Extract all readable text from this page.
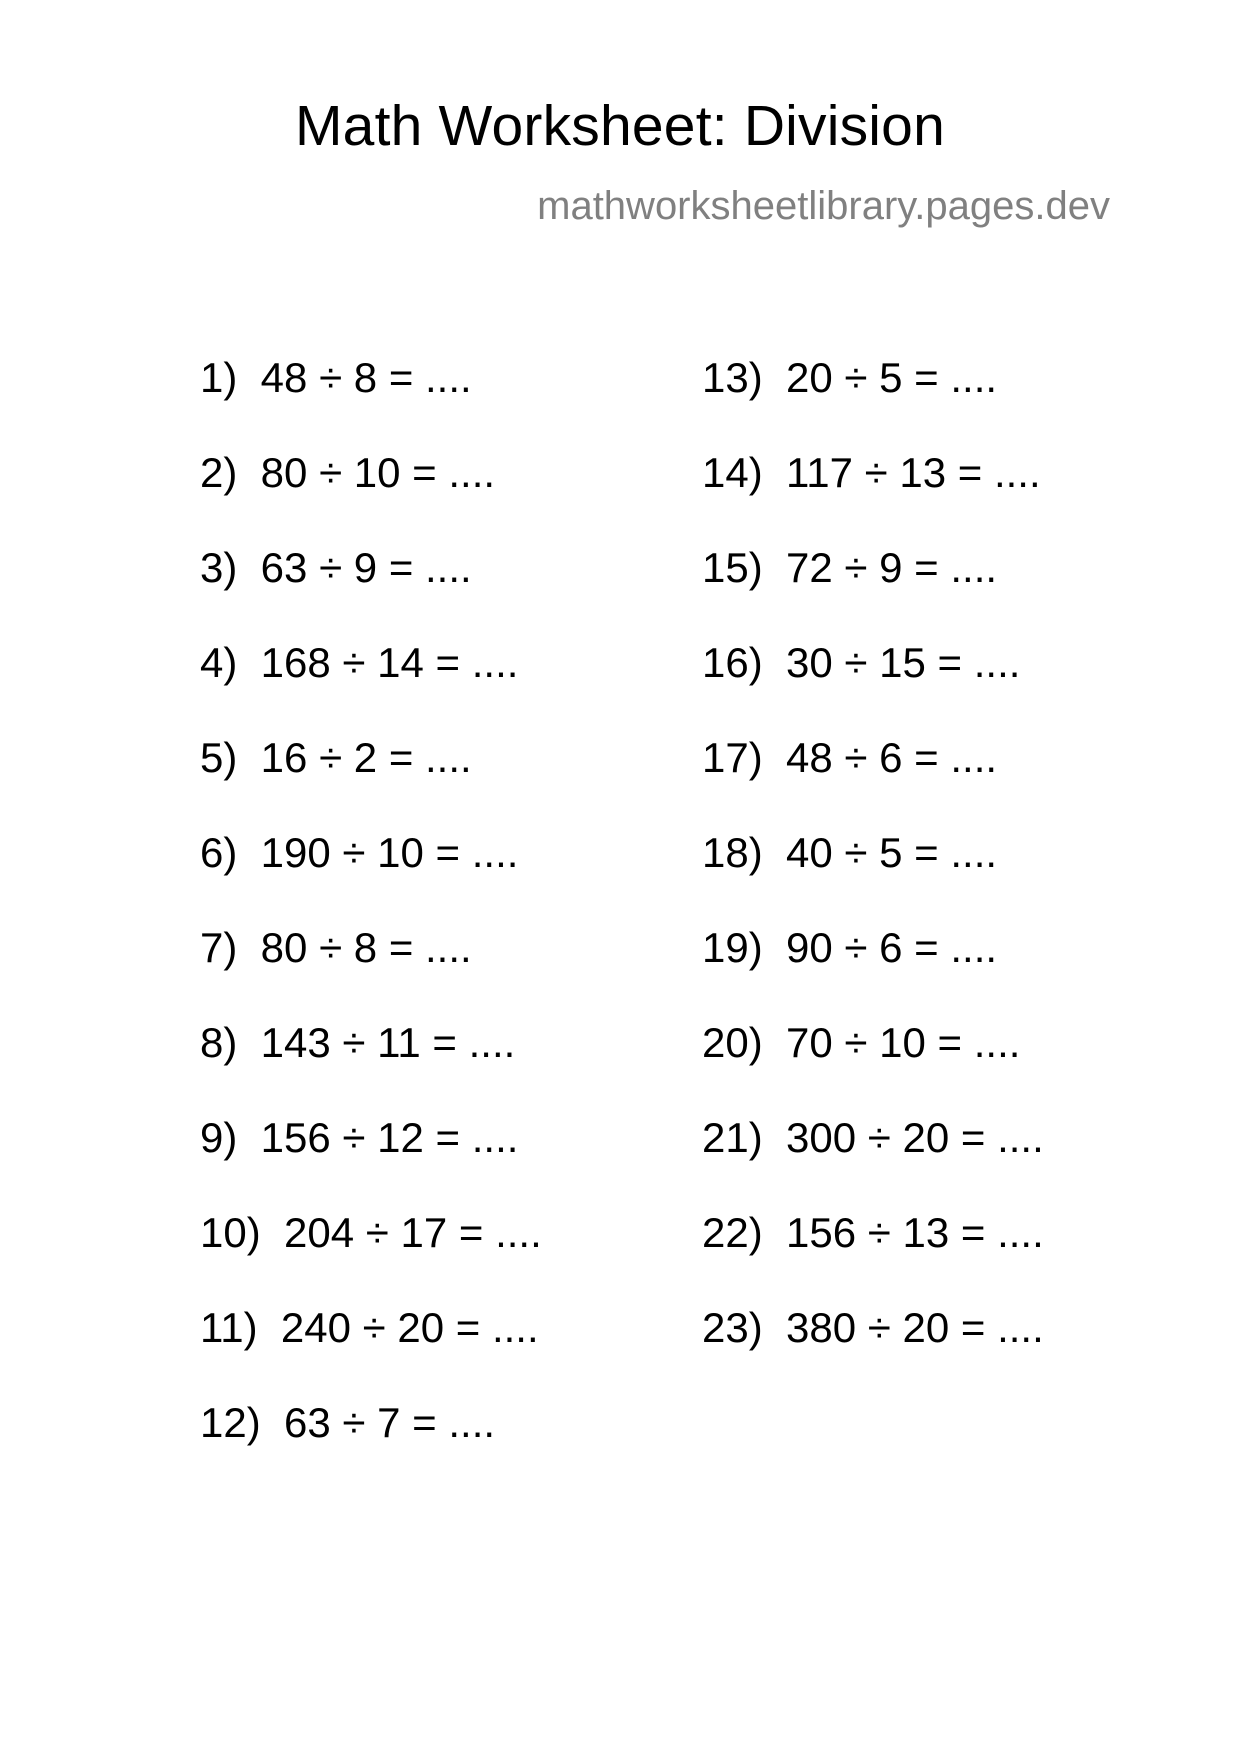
Math Worksheet: Division
mathworksheetlibrary.pages.dev
1)  48 ÷ 8 = ....
2)  80 ÷ 10 = ....
3)  63 ÷ 9 = ....
4)  168 ÷ 14 = ....
5)  16 ÷ 2 = ....
6)  190 ÷ 10 = ....
7)  80 ÷ 8 = ....
8)  143 ÷ 11 = ....
9)  156 ÷ 12 = ....
10)  204 ÷ 17 = ....
11)  240 ÷ 20 = ....
12)  63 ÷ 7 = ....
13)  20 ÷ 5 = ....
14)  117 ÷ 13 = ....
15)  72 ÷ 9 = ....
16)  30 ÷ 15 = ....
17)  48 ÷ 6 = ....
18)  40 ÷ 5 = ....
19)  90 ÷ 6 = ....
20)  70 ÷ 10 = ....
21)  300 ÷ 20 = ....
22)  156 ÷ 13 = ....
23)  380 ÷ 20 = ....
